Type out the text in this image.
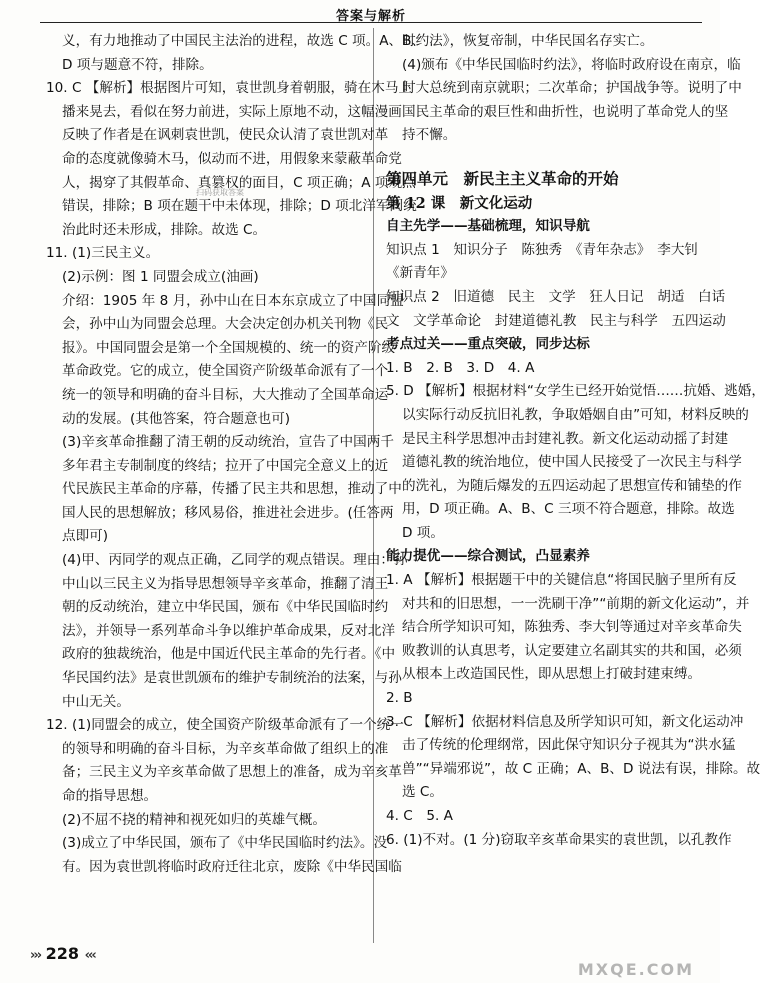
答案与解析
义，有力地推动了中国民主法治的进程，故选 C 项。A、B、
D 项与题意不符，排除。
10. C 【解析】根据图片可知，袁世凯身着朝服，骑在木马上
播来晃去，看似在努力前进，实际上原地不动，这幅漫画
反映了作者是在讽刺袁世凯，使民众认清了袁世凯对革
命的态度就像骑木马，似动而不进，用假象来蒙蔽革命党
人，揭穿了其假革命、真篡权的面目，C 项正确；A 项观点
错误，排除；B 项在题干中未体现，排除；D 项北洋军阀统
治此时还未形成，排除。故选 C。
11. (1)三民主义。
(2)示例：图 1 同盟会成立(油画)
介绍：1905 年 8 月，孙中山在日本东京成立了中国同盟
会，孙中山为同盟会总理。大会决定创办机关刊物《民
报》。中国同盟会是第一个全国规模的、统一的资产阶级
革命政党。它的成立，使全国资产阶级革命派有了一个
统一的领导和明确的奋斗目标，大大推动了全国革命运
动的发展。(其他答案，符合题意也可)
(3)辛亥革命推翻了清王朝的反动统治，宣告了中国两千
多年君主专制制度的终结；拉开了中国完全意义上的近
代民族民主革命的序幕，传播了民主共和思想，推动了中
国人民的思想解放；移风易俗，推进社会进步。(任答两
点即可)
(4)甲、丙同学的观点正确，乙同学的观点错误。理由：孙
中山以三民主义为指导思想领导辛亥革命，推翻了清王
朝的反动统治，建立中华民国，颁布《中华民国临时约
法》，并领导一系列革命斗争以维护革命成果，反对北洋
政府的独裁统治，他是中国近代民主革命的先行者。《中
华民国约法》是袁世凯颁布的维护专制统治的法案，与孙
中山无关。
12. (1)同盟会的成立，使全国资产阶级革命派有了一个统一
的领导和明确的奋斗目标，为辛亥革命做了组织上的准
备；三民主义为辛亥革命做了思想上的准备，成为辛亥革
命的指导思想。
(2)不屈不挠的精神和视死如归的英雄气概。
(3)成立了中华民国，颁布了《中华民国临时约法》。没
有。因为袁世凯将临时政府迁往北京，废除《中华民国临
时约法》，恢复帝制，中华民国名存实亡。
(4)颁布《中华民国临时约法》，将临时政府设在南京，临
时大总统到南京就职；二次革命；护国战争等。说明了中
国民主革命的艰巨性和曲折性，也说明了革命党人的坚
持不懈。
第四单元　新民主主义革命的开始
第 12 课　新文化运动
自主先学——基础梳理，知识导航
知识点 1　知识分子　陈独秀　《青年杂志》　李大钊
《新青年》
知识点 2　旧道德　民主　文学　狂人日记　胡适　白话
文　文学革命论　封建道德礼教　民主与科学　五四运动
考点过关——重点突破，同步达标
1. B　2. B　3. D　4. A
5. D 【解析】根据材料“女学生已经开始觉悟……抗婚、逃婚，
以实际行动反抗旧礼教，争取婚姻自由”可知，材料反映的
是民主科学思想冲击封建礼教。新文化运动动摇了封建
道德礼教的统治地位，使中国人民接受了一次民主与科学
的洗礼，为随后爆发的五四运动起了思想宣传和铺垫的作
用，D 项正确。A、B、C 三项不符合题意，排除。故选
D 项。
能力提优——综合测试，凸显素养
1. A 【解析】根据题干中的关键信息“将国民脑子里所有反
对共和的旧思想，一一洗刷干净”“前期的新文化运动”，并
结合所学知识可知，陈独秀、李大钊等通过对辛亥革命失
败教训的认真思考，认定要建立名副其实的共和国，必须
从根本上改造国民性，即从思想上打破封建束缚。
2. B
3. C 【解析】依据材料信息及所学知识可知，新文化运动冲
击了传统的伦理纲常，因此保守知识分子视其为“洪水猛
兽”“异端邪说”，故 C 正确；A、B、D 说法有误，排除。故
选 C。
4. C　5. A
6. (1)不对。(1 分)窃取辛亥革命果实的袁世凯，以孔教作
扫码获取答案
››› 228 ‹‹‹
MXQE.COM
